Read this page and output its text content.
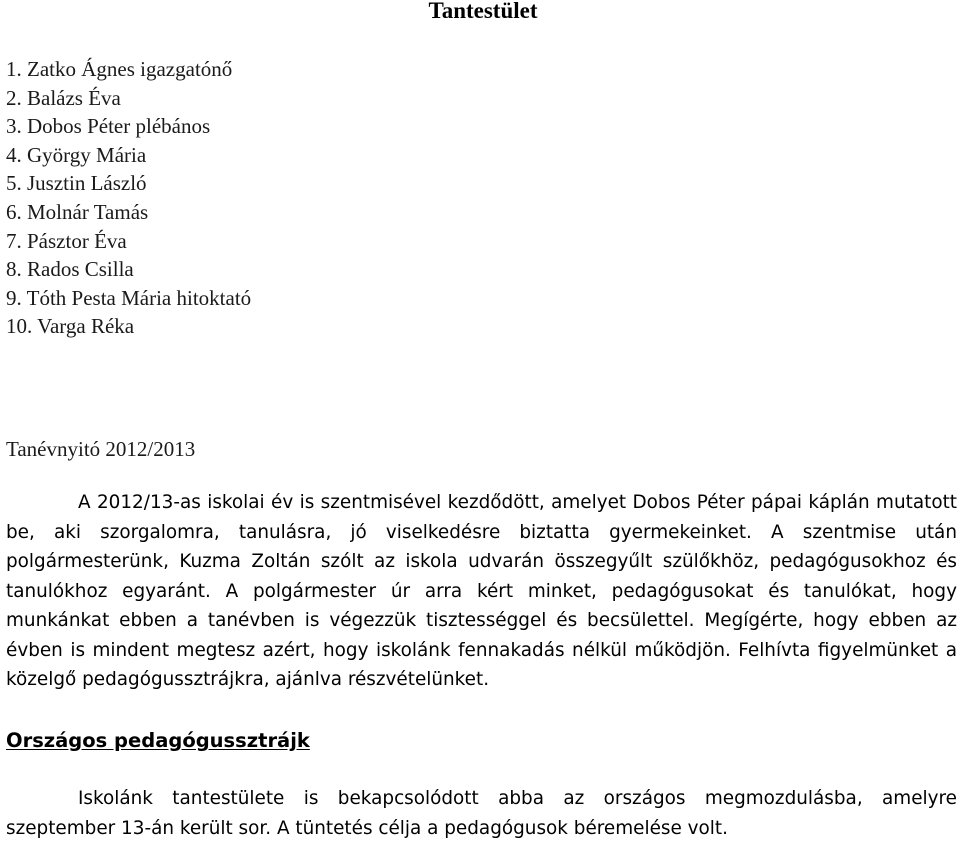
Tantestület
1. Zatko Ágnes igazgatónő
2. Balázs Éva
3. Dobos Péter plébános
4. György Mária
5. Jusztin László
6. Molnár Tamás
7. Pásztor Éva
8. Rados Csilla
9. Tóth Pesta Mária hitoktató
10. Varga Réka
Tanévnyitó 2012/2013

A 2012/13-as iskolai év is szentmisével kezdődött, amelyet Dobos Péter pápai káplán mutatott be, aki szorgalomra, tanulásra, jó viselkedésre biztatta gyermekeinket. A szentmise után polgármesterünk, Kuzma Zoltán szólt az iskola udvarán összegyűlt szülőkhöz, pedagógusokhoz és tanulókhoz egyaránt. A polgármester úr arra kért minket, pedagógusokat és tanulókat, hogy munkánkat ebben a tanévben is végezzük tisztességgel és becsülettel. Megígérte, hogy ebben az évben is mindent megtesz azért, hogy iskolánk fennakadás nélkül működjön. Felhívta figyelmünket a közelgő pedagógussztrájkra, ajánlva részvételünket.

Országos pedagógussztrájk

Iskolánk tantestülete is bekapcsolódott abba az országos megmozdulásba, amelyre szeptember 13-án került sor. A tüntetés célja a pedagógusok béremelése volt.
